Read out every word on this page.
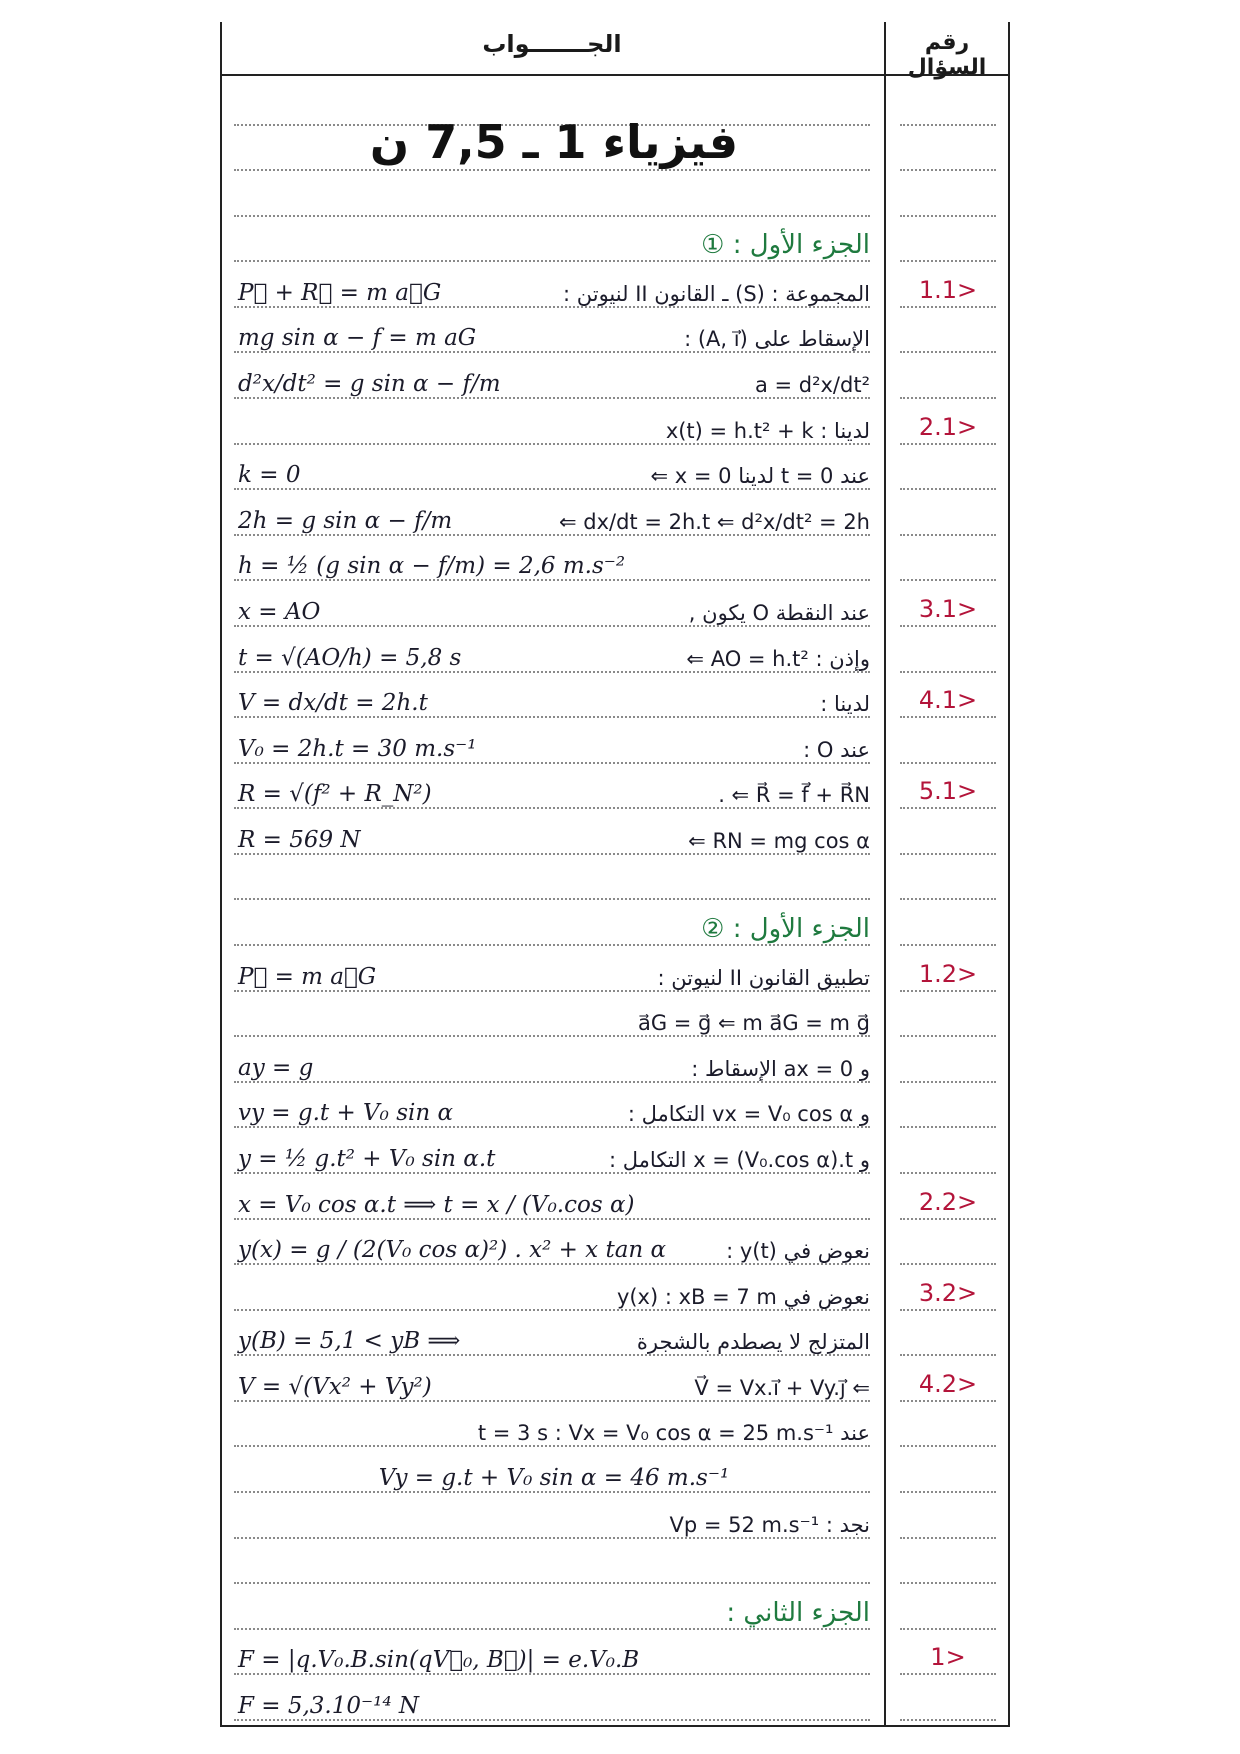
الجـــــــواب	رقم السؤال
فيزياء 1 ـ 7,5 ن
الجزء الأول : ①
P⃗ + R⃗ = m a⃗G	المجموعة : (S) ـ القانون II لنيوتن :	1.1>
mg sin α − f = m aG	الإسقاط على (A, i⃗) :
d²x/dt² = g sin α − f/m	a = d²x/dt²
لدينا : x(t) = h.t² + k	2.1>
k = 0	عند t = 0 لدينا x = 0 ⇐
2h = g sin α − f/m	dx/dt = 2h.t ⇐ d²x/dt² = 2h ⇐
h = ½ (g sin α − f/m) = 2,6 m.s⁻²
x = AO	عند النقطة O يكون ,	3.1>
t = √(AO/h) = 5,8 s	وإذن : AO = h.t² ⇐
V = dx/dt = 2h.t	لدينا :	4.1>
V₀ = 2h.t = 30 m.s⁻¹	عند O :
R = √(f² + R_N²)	R⃗ = f⃗ + R⃗N ⇐ .	5.1>
R = 569 N	RN = mg cos α ⇐
الجزء الأول : ②
P⃗ = m a⃗G	تطبيق القانون II لنيوتن :	1.2>
a⃗G = g⃗ ⇐ m a⃗G = m g⃗
ay = g	و ax = 0 الإسقاط :
vy = g.t + V₀ sin α	و vx = V₀ cos α التكامل :
y = ½ g.t² + V₀ sin α.t	و x = (V₀.cos α).t التكامل :
x = V₀ cos α.t ⟹ t = x / (V₀.cos α)	2.2>
y(x) = g / (2(V₀ cos α)²) . x² + x tan α	نعوض في y(t) :
نعوض في y(x) : xB = 7 m	3.2>
y(B) = 5,1 < yB ⟹	المتزلج لا يصطدم بالشجرة
V = √(Vx² + Vy²)	⇐ V⃗ = Vx.i⃗ + Vy.j⃗	4.2>
عند t = 3 s : Vx = V₀ cos α = 25 m.s⁻¹
Vy = g.t + V₀ sin α = 46 m.s⁻¹
نجد : Vp = 52 m.s⁻¹
الجزء الثاني :
F = |q.V₀.B.sin(qV⃗₀, B⃗)| = e.V₀.B	1>
F = 5,3.10⁻¹⁴ N
